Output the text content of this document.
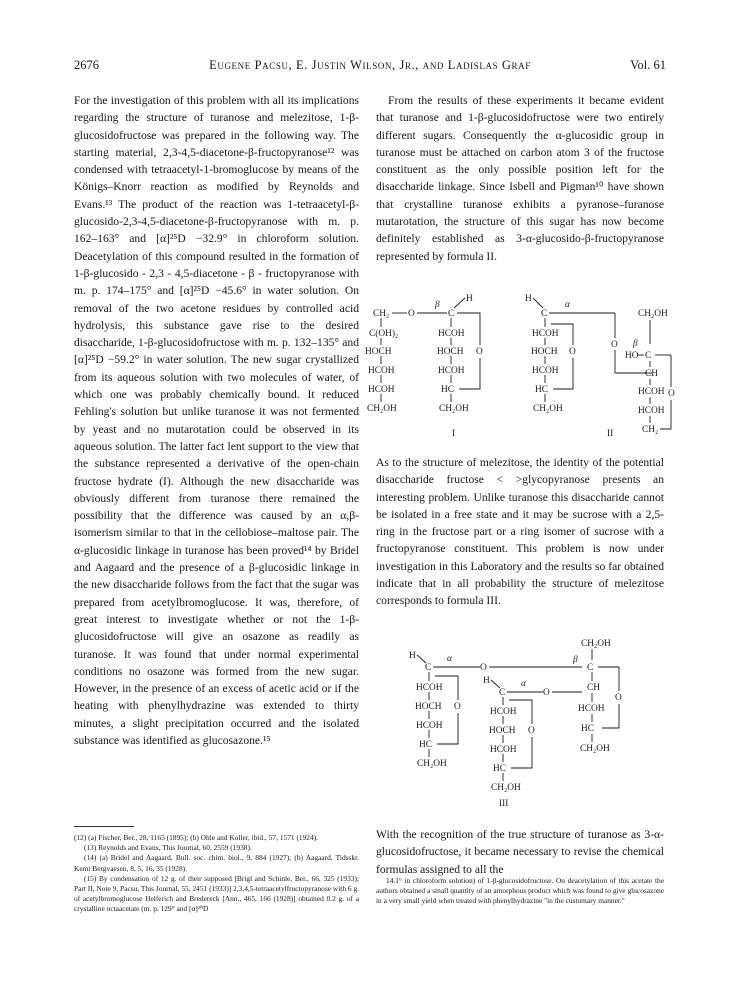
2676	Eugene Pacsu, E. Justin Wilson, Jr., and Ladislas Graf	Vol. 61

For the investigation of this problem with all its implications regarding the structure of turanose and melezitose, 1-β-glucosidofructose was prepared in the following way. The starting material, 2,3-4,5-diacetone-β-fructopyranose¹² was condensed with tetraacetyl-1-bromoglucose by means of the Königs–Knorr reaction as modified by Reynolds and Evans.¹³ The product of the reaction was 1-tetraacetyl-β-glucosido-2,3-4,5-diacetone-β-fructopyranose with m. p. 162–163° and [α]²⁵D −32.9° in chloroform solution. Deacetylation of this compound resulted in the formation of 1-β-glucosido - 2,3 - 4,5-diacetone - β - fructopyranose with m. p. 174–175° and [α]²⁵D −45.6° in water solution. On removal of the two acetone residues by controlled acid hydrolysis, this substance gave rise to the desired disaccharide, 1-β-glucosidofructose with m. p. 132–135° and [α]²⁵D −59.2° in water solution. The new sugar crystallized from its aqueous solution with two molecules of water, of which one was probably chemically bound. It reduced Fehling's solution but unlike turanose it was not fermented by yeast and no mutarotation could be observed in its aqueous solution. The latter fact lent support to the view that the substance represented a derivative of the open-chain fructose hydrate (I). Although the new disaccharide was obviously different from turanose there remained the possibility that the difference was caused by an α,β-isomerism similar to that in the cellobiose–maltose pair. The α-glucosidic linkage in turanose has been proved¹⁴ by Bridel and Aagaard and the presence of a β-glucosidic linkage in the new disaccharide follows from the fact that the sugar was prepared from acetylbromoglucose. It was, therefore, of great interest to investigate whether or not the 1-β-glucosidofructose will give an osazone as readily as turanose. It was found that under normal experimental conditions no osazone was formed from the new sugar. However, in the presence of an excess of acetic acid or if the heating with phenylhydrazine was extended to thirty minutes, a slight precipitation occurred and the isolated substance was identified as glucosazone.¹⁵

From the results of these experiments it became evident that turanose and 1-β-glucosidofructose were two entirely different sugars. Consequently the α-glucosidic group in turanose must be attached on carbon atom 3 of the fructose constituent as the only possible position left for the disaccharide linkage. Since Isbell and Pigman¹⁰ have shown that crystalline turanose exhibits a pyranose–furanose mutarotation, the structure of this sugar has now become definitely established as 3-α-glucosido-β-fructopyranose represented by formula II.

CH₂ O	C
β
H
C(OH)₂
HOCH
HCOH
HCOH
CH₂OH
HCOH
HOCH
HCOH
HC
CH₂OH
O
I
H
C
α
HCOH
HOCH
HCOH
HC
CH₂OH
O
O
CH₂OH
β
HO C
CH
HCOH
HCOH
CH₂
O
II

As to the structure of melezitose, the identity of the potential disaccharide fructose < >glycopyranose presents an interesting problem. Unlike turanose this disaccharide cannot be isolated in a free state and it may be sucrose with a 2,5-ring in the fructose part or a ring isomer of sucrose with a fructopyranose constituent. This problem is now under investigation in this Laboratory and the results so far obtained indicate that in all probability the structure of melezitose corresponds to formula III.

H
C
α
O
HCOH
HOCH
HCOH
HC
CH₂OH
O
H
C
α
O
HCOH
HOCH
HCOH
HC
CH₂OH
O
III
CH₂OH
β
C
CH
HCOH
HC
CH₂OH
O

With the recognition of the true structure of turanose as 3-α-glucosidofructose, it became necessary to revise the chemical formulas assigned to all the

(12) (a) Fischer, Ber., 28, 1165 (1895); (b) Ohle and Koller, ibid., 57, 1571 (1924).

(13) Reynolds and Evans, This Journal, 60, 2559 (1938).

(14) (a) Bridel and Aagaard, Bull. soc. chim. biol., 9, 884 (1927); (b) Aagaard, Tidsskr. Kemi Bergvaesen, 8, 5, 16, 35 (1928).

(15) By condensation of 12 g. of their supposed [Brigl and Schinle, Ber., 66, 325 (1933); Part II, Note 9, Pacsu, This Journal, 55, 2451 (1933)] 2,3,4,5-tetraacetylfructopyranose with 6 g. of acetylbromoglucose Helferich and Bredereck [Ann., 465, 166 (1928)] obtained 0.2 g. of a crystalline octaacetate (m. p. 129° and [α]²⁰D

14.1° in chloroform solution) of 1-β-glucosidofructose. On deacetylation of this acetate the authors obtained a small quantity of an amorphous product which was found to give glucosazone in a very small yield when treated with phenylhydrazine "in the customary manner."
